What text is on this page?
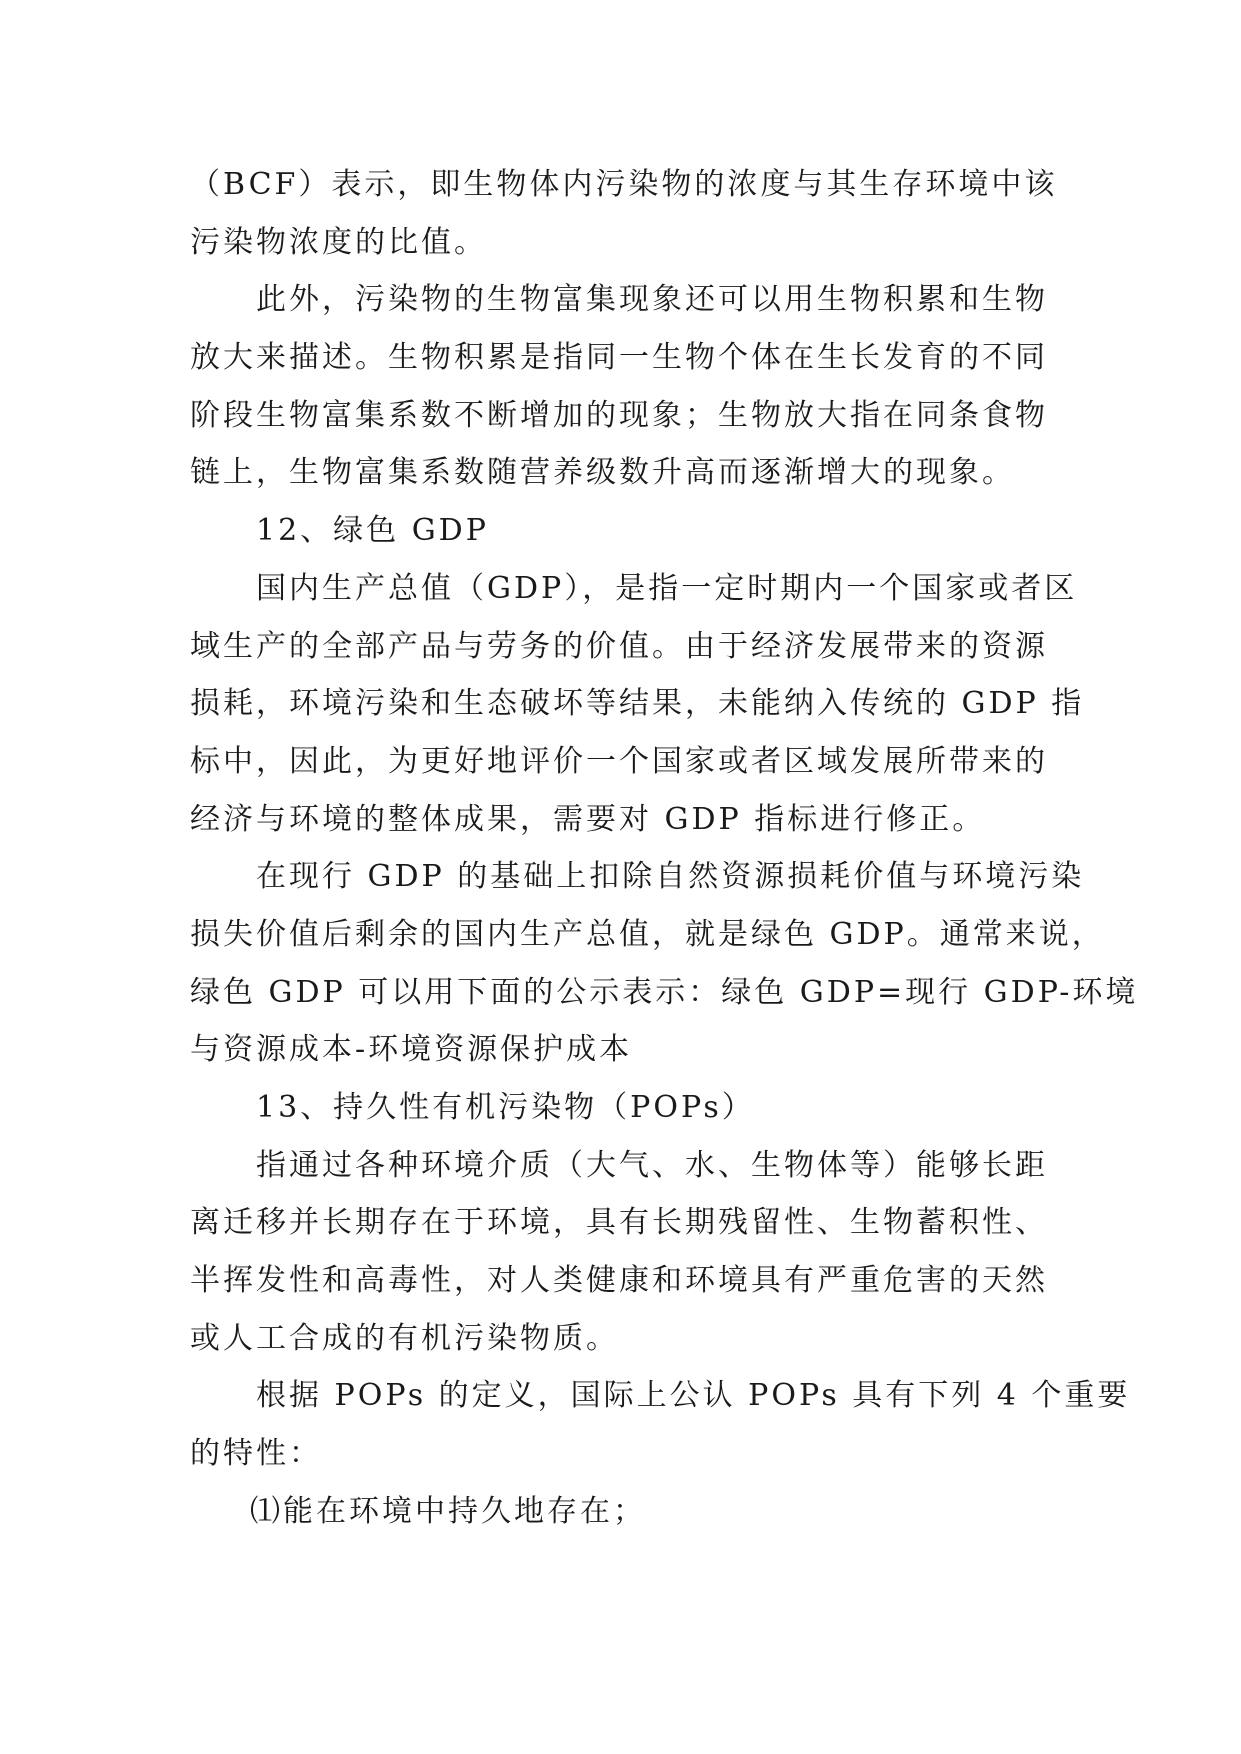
（BCF）表示，即生物体内污染物的浓度与其生存环境中该
污染物浓度的比值。
此外，污染物的生物富集现象还可以用生物积累和生物
放大来描述。生物积累是指同一生物个体在生长发育的不同
阶段生物富集系数不断增加的现象；生物放大指在同条食物
链上，生物富集系数随营养级数升高而逐渐增大的现象。
12、绿色 GDP
国内生产总值（GDP），是指一定时期内一个国家或者区
域生产的全部产品与劳务的价值。由于经济发展带来的资源
损耗，环境污染和生态破坏等结果，未能纳入传统的 GDP 指
标中，因此，为更好地评价一个国家或者区域发展所带来的
经济与环境的整体成果，需要对 GDP 指标进行修正。
在现行 GDP 的基础上扣除自然资源损耗价值与环境污染
损失价值后剩余的国内生产总值，就是绿色 GDP。通常来说，
绿色 GDP 可以用下面的公示表示：绿色 GDP=现行 GDP-环境
与资源成本-环境资源保护成本
13、持久性有机污染物（POPs）
指通过各种环境介质（大气、水、生物体等）能够长距
离迁移并长期存在于环境，具有长期残留性、生物蓄积性、
半挥发性和高毒性，对人类健康和环境具有严重危害的天然
或人工合成的有机污染物质。
根据 POPs 的定义，国际上公认 POPs 具有下列 4 个重要
的特性：
⑴能在环境中持久地存在；
